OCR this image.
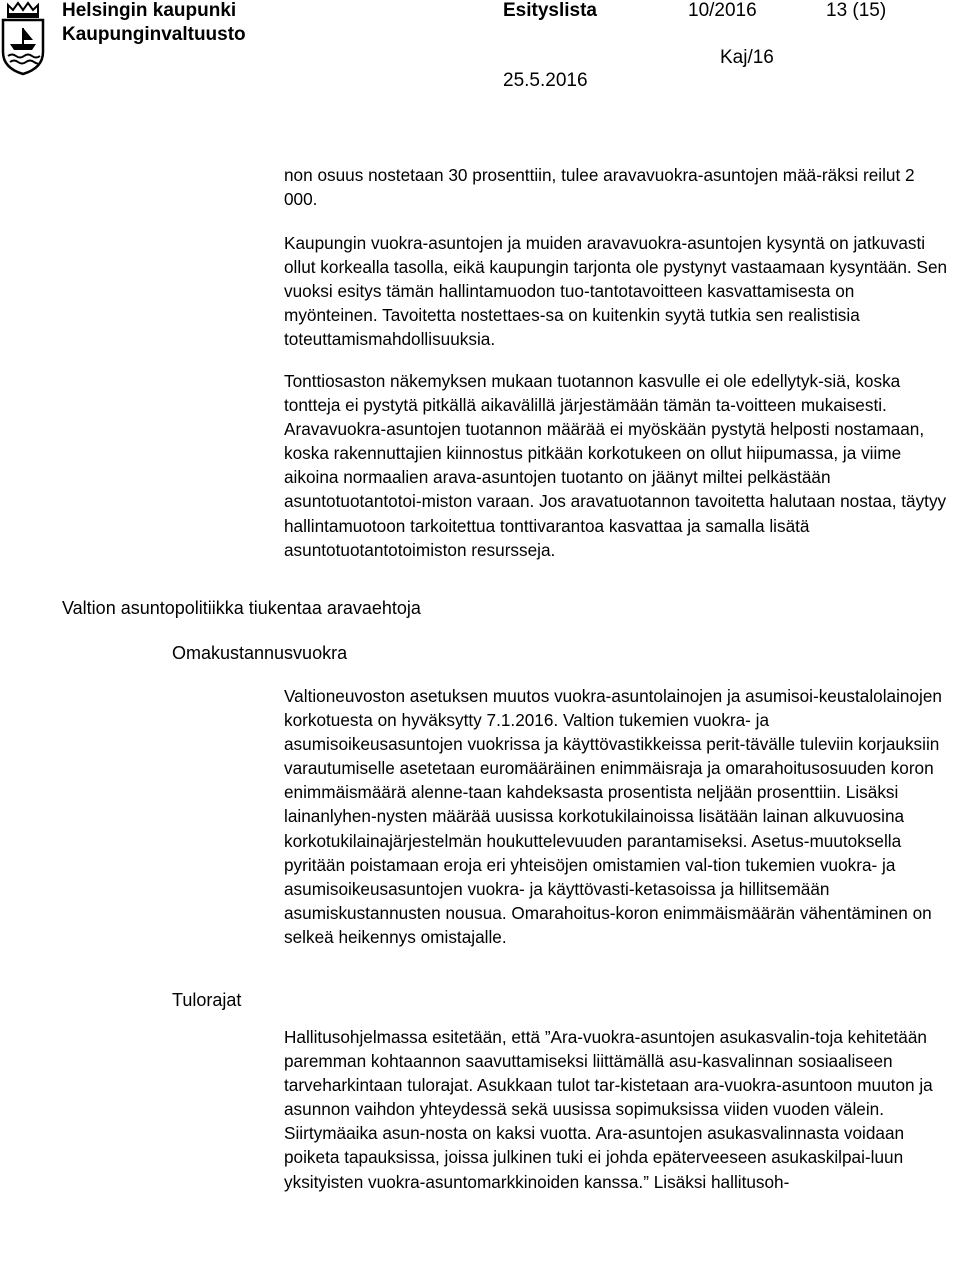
Helsingin kaupunki
Kaupunginvaltuusto
Esityslista	10/2016	13 (15)
Kaj/16
25.5.2016

non osuus nostetaan 30 prosenttiin, tulee aravavuokra-asuntojen mää-räksi reilut 2 000.

Kaupungin vuokra-asuntojen ja muiden aravavuokra-asuntojen kysyntä on jatkuvasti ollut korkealla tasolla, eikä kaupungin tarjonta ole pystynyt vastaamaan kysyntään. Sen vuoksi esitys tämän hallintamuodon tuo-tantotavoitteen kasvattamisesta on myönteinen. Tavoitetta nostettaes-sa on kuitenkin syytä tutkia sen realistisia toteuttamismahdollisuuksia.

Tonttiosaston näkemyksen mukaan tuotannon kasvulle ei ole edellytyk-siä, koska tontteja ei pystytä pitkällä aikavälillä järjestämään tämän ta-voitteen mukaisesti. Aravavuokra-asuntojen tuotannon määrää ei myöskään pystytä helposti nostamaan, koska rakennuttajien kiinnostus pitkään korkotukeen on ollut hiipumassa, ja viime aikoina normaalien arava-asuntojen tuotanto on jäänyt miltei pelkästään asuntotuotantotoi-miston varaan. Jos aravatuotannon tavoitetta halutaan nostaa, täytyy hallintamuotoon tarkoitettua tonttivarantoa kasvattaa ja samalla lisätä asuntotuotantotoimiston resursseja.

Valtion asuntopolitiikka tiukentaa aravaehtoja
Omakustannusvuokra

Valtioneuvoston asetuksen muutos vuokra-asuntolainojen ja asumisoi-keustalolainojen korkotuesta on hyväksytty 7.1.2016. Valtion tukemien vuokra- ja asumisoikeusasuntojen vuokrissa ja käyttövastikkeissa perit-tävälle tuleviin korjauksiin varautumiselle asetetaan euromääräinen enimmäisraja ja omarahoitusosuuden koron enimmäismäärä alenne-taan kahdeksasta prosentista neljään prosenttiin. Lisäksi lainanlyhen-nysten määrää uusissa korkotukilainoissa lisätään lainan alkuvuosina korkotukilainajärjestelmän houkuttelevuuden parantamiseksi. Asetus-muutoksella pyritään poistamaan eroja eri yhteisöjen omistamien val-tion tukemien vuokra- ja asumisoikeusasuntojen vuokra- ja käyttövasti-ketasoissa ja hillitsemään asumiskustannusten nousua. Omarahoitus-koron enimmäismäärän vähentäminen on selkeä heikennys omistajalle.

Tulorajat

Hallitusohjelmassa esitetään, että ”Ara-vuokra-asuntojen asukasvalin-toja kehitetään paremman kohtaannon saavuttamiseksi liittämällä asu-kasvalinnan sosiaaliseen tarveharkintaan tulorajat. Asukkaan tulot tar-kistetaan ara-vuokra-asuntoon muuton ja asunnon vaihdon yhteydessä sekä uusissa sopimuksissa viiden vuoden välein. Siirtymäaika asun-nosta on kaksi vuotta. Ara-asuntojen asukasvalinnasta voidaan poiketa tapauksissa, joissa julkinen tuki ei johda epäterveeseen asukaskilpai-luun yksityisten vuokra-asuntomarkkinoiden kanssa.” Lisäksi hallitusoh-
